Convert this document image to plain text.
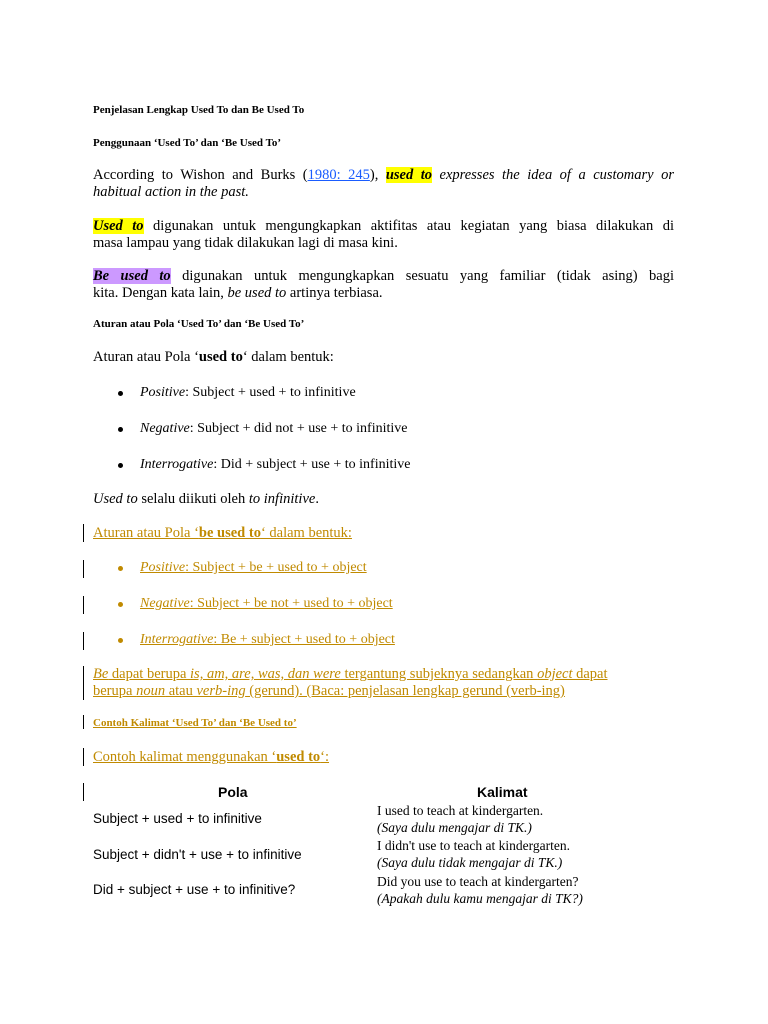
Penjelasan Lengkap Used To dan Be Used To
Penggunaan ‘Used To’ dan ‘Be Used To’
According to Wishon and Burks (1980: 245), used to expresses the idea of a customary or
habitual action in the past.
Used to digunakan untuk mengungkapkan aktifitas atau kegiatan yang biasa dilakukan di
masa lampau yang tidak dilakukan lagi di masa kini.
Be used to digunakan untuk mengungkapkan sesuatu yang familiar (tidak asing) bagi
kita. Dengan kata lain, be used to artinya terbiasa.
Aturan atau Pola ‘Used To’ dan ‘Be Used To’
Aturan atau Pola ‘used to‘ dalam bentuk:
Positive: Subject + used + to infinitive
Negative: Subject + did not + use + to infinitive
Interrogative: Did + subject + use + to infinitive
Used to selalu diikuti oleh to infinitive.
Aturan atau Pola ‘be used to‘ dalam bentuk:
Positive: Subject + be + used to + object
Negative: Subject + be not + used to + object
Interrogative: Be + subject + used to + object
Be dapat berupa is, am, are, was, dan were tergantung subjeknya sedangkan object dapat
berupa noun atau verb-ing (gerund). (Baca: penjelasan lengkap gerund (verb-ing)
Contoh Kalimat ‘Used To’ dan ‘Be Used to’
Contoh kalimat menggunakan ‘used to‘:
Pola	Kalimat
Subject + used + to infinitive
I used to teach at kindergarten.
(Saya dulu mengajar di TK.)
Subject + didn't + use + to infinitive
I didn't use to teach at kindergarten.
(Saya dulu tidak mengajar di TK.)
Did + subject + use + to infinitive?
Did you use to teach at kindergarten?
(Apakah dulu kamu mengajar di TK?)
